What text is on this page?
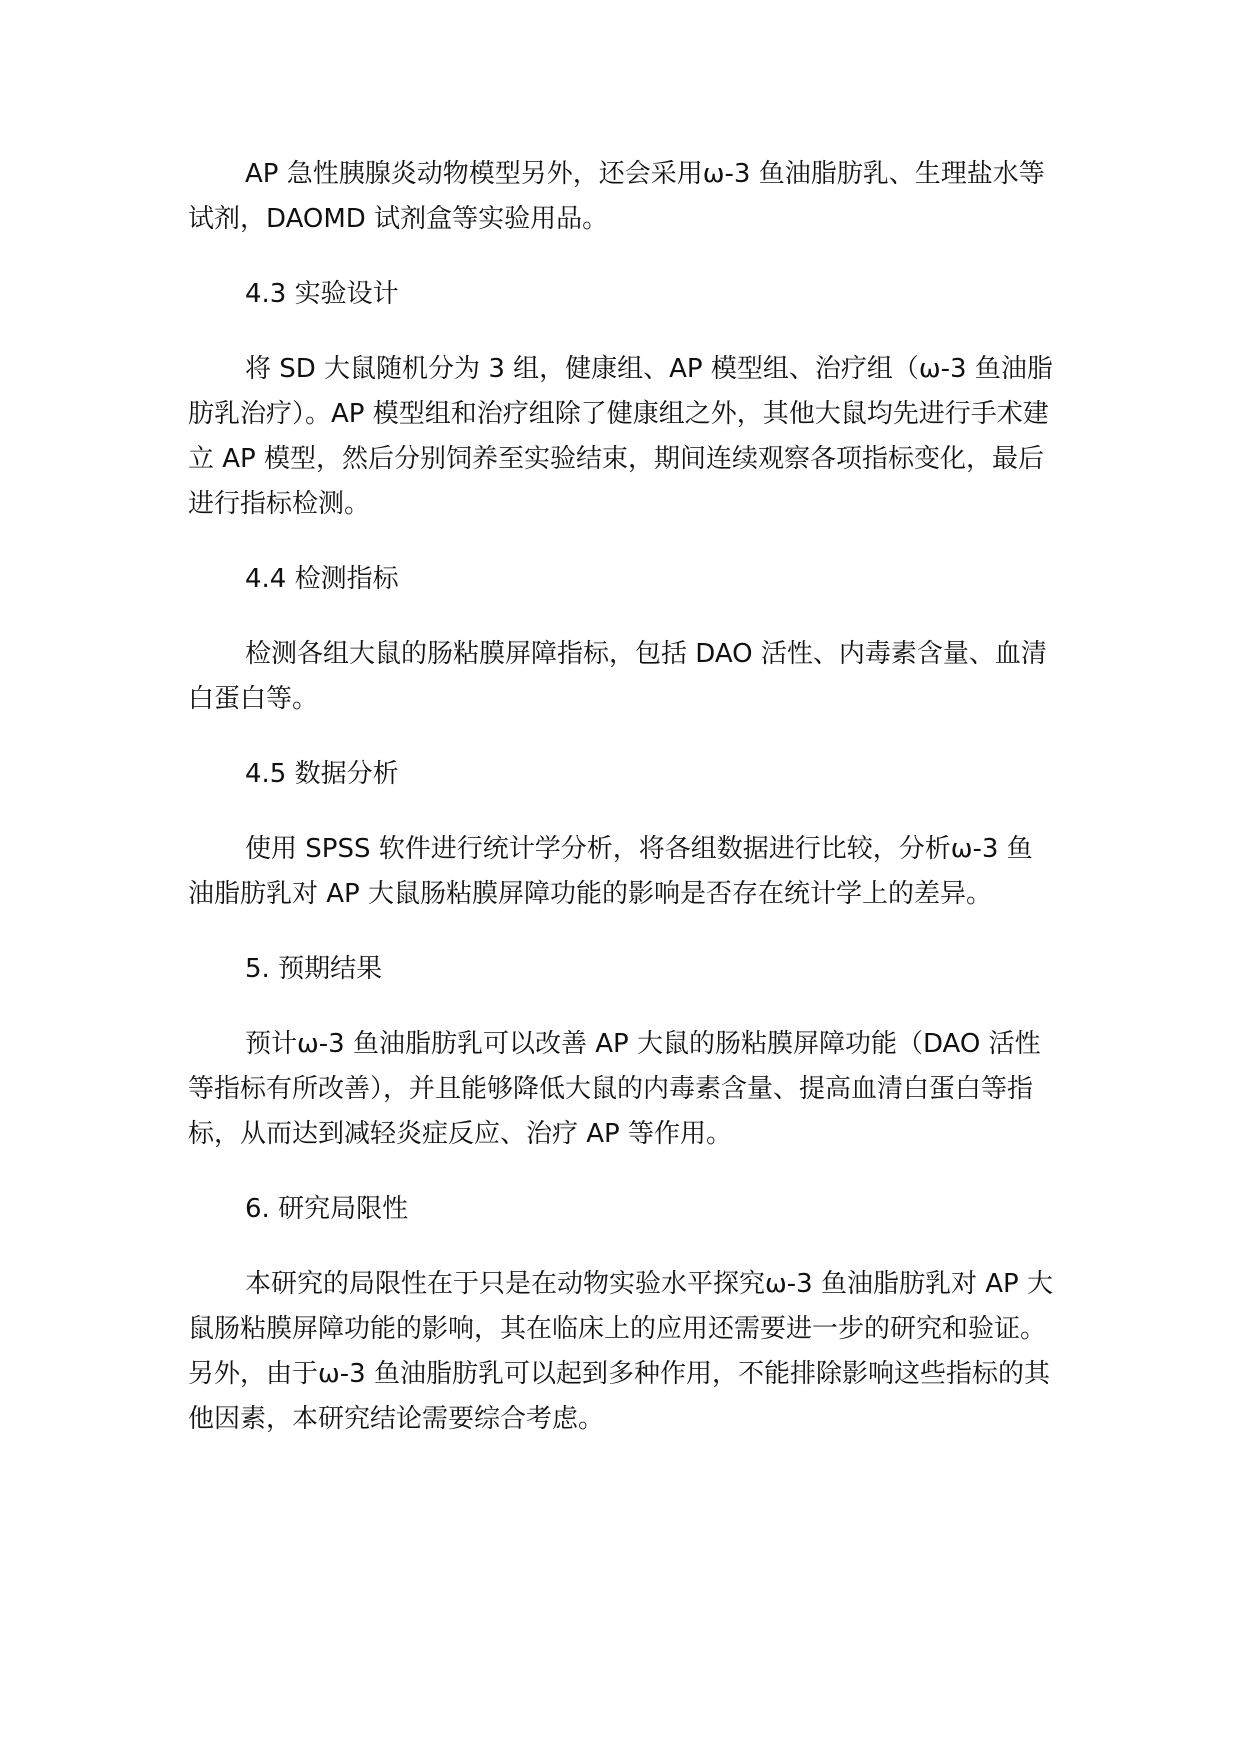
AP 急性胰腺炎动物模型另外，还会采用ω-3 鱼油脂肪乳、生理盐水等试剂，DAOMD 试剂盒等实验用品。

4.3 实验设计

将 SD 大鼠随机分为 3 组，健康组、AP 模型组、治疗组（ω-3 鱼油脂肪乳治疗）。AP 模型组和治疗组除了健康组之外，其他大鼠均先进行手术建立 AP 模型，然后分别饲养至实验结束，期间连续观察各项指标变化，最后进行指标检测。

4.4 检测指标

检测各组大鼠的肠粘膜屏障指标，包括 DAO 活性、内毒素含量、血清白蛋白等。

4.5 数据分析

使用 SPSS 软件进行统计学分析，将各组数据进行比较，分析ω-3 鱼油脂肪乳对 AP 大鼠肠粘膜屏障功能的影响是否存在统计学上的差异。

5. 预期结果

预计ω-3 鱼油脂肪乳可以改善 AP 大鼠的肠粘膜屏障功能（DAO 活性等指标有所改善），并且能够降低大鼠的内毒素含量、提高血清白蛋白等指标，从而达到减轻炎症反应、治疗 AP 等作用。

6. 研究局限性

本研究的局限性在于只是在动物实验水平探究ω-3 鱼油脂肪乳对 AP 大鼠肠粘膜屏障功能的影响，其在临床上的应用还需要进一步的研究和验证。另外，由于ω-3 鱼油脂肪乳可以起到多种作用，不能排除影响这些指标的其他因素，本研究结论需要综合考虑。
